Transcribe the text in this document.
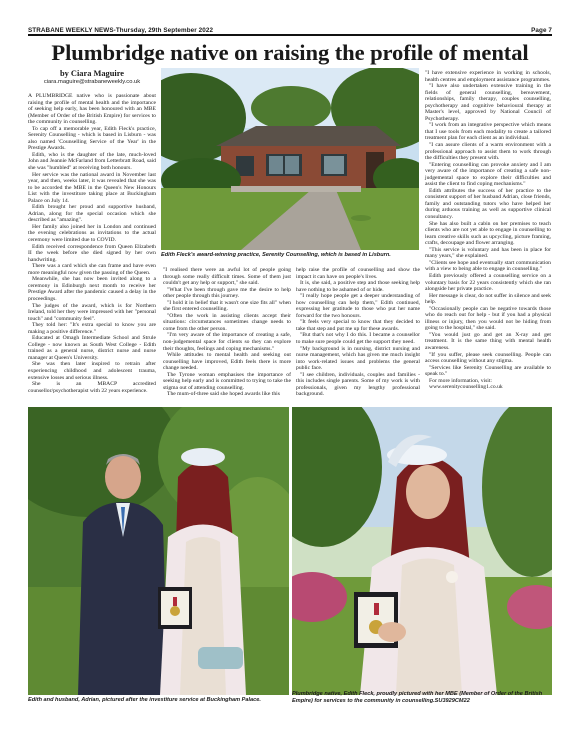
STRABANE WEEKLY NEWS-Thursday, 29th September 2022	Page 7
Plumbridge native on raising the profile of mental
by Ciara Maguire
ciara.maguire@strabaneweekly.co.uk

A PLUMBRIDGE native who is passionate about raising the profile of mental health and the importance of seeking help early, has been honoured with an MBE (Member of Order of the British Empire) for services to the community in counselling.

To cap off a memorable year, Edith Fleck's practice, Serenity Counselling - which is based in Lisburn - was also named 'Counselling Service of the Year' in the Prestige Awards.

Edith, who is the daughter of the late, much-loved John and Jeannie McFarland from Letterbratt Road, said she was "humbled" at receiving both honours.

Her service was the national award in November last year, and then, weeks later, it was revealed that she was to be accorded the MBE in the Queen's New Honours List with the investiture taking place at Buckingham Palace on July 14.

Edith brought her proud and supportive husband, Adrian, along for the special occasion which she described as "amazing".

Her family also joined her in London and continued the evening celebrations as invitations to the actual ceremony were limited due to COVID.

Edith received correspondence from Queen Elizabeth II the week before she died signed by her own handwriting.

There was a card which she can frame and have even more meaningful now given the passing of the Queen.

Meanwhile, she has now been invited along to a ceremony in Edinburgh next month to receive her Prestige Award after the pandemic caused a delay in the proceedings.

The judges of the award, which is for Northern Ireland, told her they were impressed with her "personal touch" and "community feel".

They told her: "It's extra special to know you are making a positive difference."

Educated at Omagh Intermediate School and Strule College - now known as South West College - Edith trained as a general nurse, district nurse and nurse manager at Queen's University.

She was then later inspired to retrain after experiencing childhood and adolescent trauma, extensive losses and serious illness.

She is an MBACP accredited counsellor/psychotherapist with 22 years experience.

"I realised there were an awful lot of people going through some really difficult times. Some of them just couldn't get any help or support," she said.

"What I've been through gave me the desire to help other people through this journey.

"I hold it in belief that it wasn't one size fits all" when she first entered counselling.

"Often the work in assisting clients accept their situations: circumstances sometimes change needs to come from the other person.

"I'm very aware of the importance of creating a safe, non-judgemental space for clients so they can explore their thoughts, feelings and coping mechanisms."

While attitudes to mental health and seeking out counselling have improved, Edith feels there is more change needed.

The Tyrone woman emphasises the importance of seeking help early and is committed to trying to take the stigma out of attending counselling.

The mum-of-three said she hoped awards like this

help raise the profile of counselling and show the impact it can have on people's lives.

It is, she said, a positive step and those seeking help have nothing to be ashamed of or hide.

"I really hope people get a deeper understanding of how counselling can help them," Edith continued, expressing her gratitude to those who put her name forward for the two honours.

"It feels very special to know that they decided to take that step and put me up for these awards.

"But that's not why I do this. I became a counsellor to make sure people could get the support they need.

"My background is in nursing, district nursing and nurse management, which has given me much insight into work-related issues and problems the general public face.

"I see children, individuals, couples and families - this includes single parents. Some of my work is with professionals, given my lengthy professional background.

"I have extensive experience in working in schools, health centres and employment assistance programmes.

"I have also undertaken extensive training in the fields of general counselling, bereavement, relationships, family therapy, couples counselling, psychotherapy and cognitive behavioural therapy at Master's level, approved by National Council of Psychotherapy.

"I work from an integrative perspective which means that I use tools from each modality to create a tailored treatment plan for each client as an individual.

"I can assure clients of a warm environment with a professional approach to assist them to work through the difficulties they present with.

"Entering counselling can provoke anxiety and I am very aware of the importance of creating a safe non-judgemental space to explore their difficulties and assist the client to find coping mechanisms."

Edith attributes the success of her practice to the consistent support of her husband Adrian, close friends, family and outstanding tutors who have helped her during arduous training as well as supportive clinical consultancy.

She has also built a cabin on her premises to teach clients who are not yet able to engage in counselling to learn creative skills such as upcycling, picture framing, crafts, decoupage and flower arranging.

"This service is voluntary and has been in place for many years," she explained.

"Clients see hope and eventually start communication with a view to being able to engage in counselling."

Edith previously offered a counselling service on a voluntary basis for 22 years consistently which she ran alongside her private practice.

Her message is clear, do not suffer in silence and seek help.

"Occasionally people can be negative towards those who do reach out for help - but if you had a physical illness or injury, then you would not be hiding from going to the hospital," she said.

"You would just go and get an X-ray and get treatment. It is the same thing with mental health awareness.

"If you suffer, please seek counselling. People can access counselling without any stigma.

"Services like Serenity Counselling are available to speak to."

For more information, visit:

www.serenitycounselling1.co.uk

Edith Fleck's award-winning practice, Serenity Counselling, which is based in Lisburn.
Edith and husband, Adrian, pictured after the investiture service at Buckingham Palace.
Plumbridge native, Edith Fleck, proudly pictured with her MBE (Member of Order of the British Empire) for services to the community in counselling.SU3929CM22
